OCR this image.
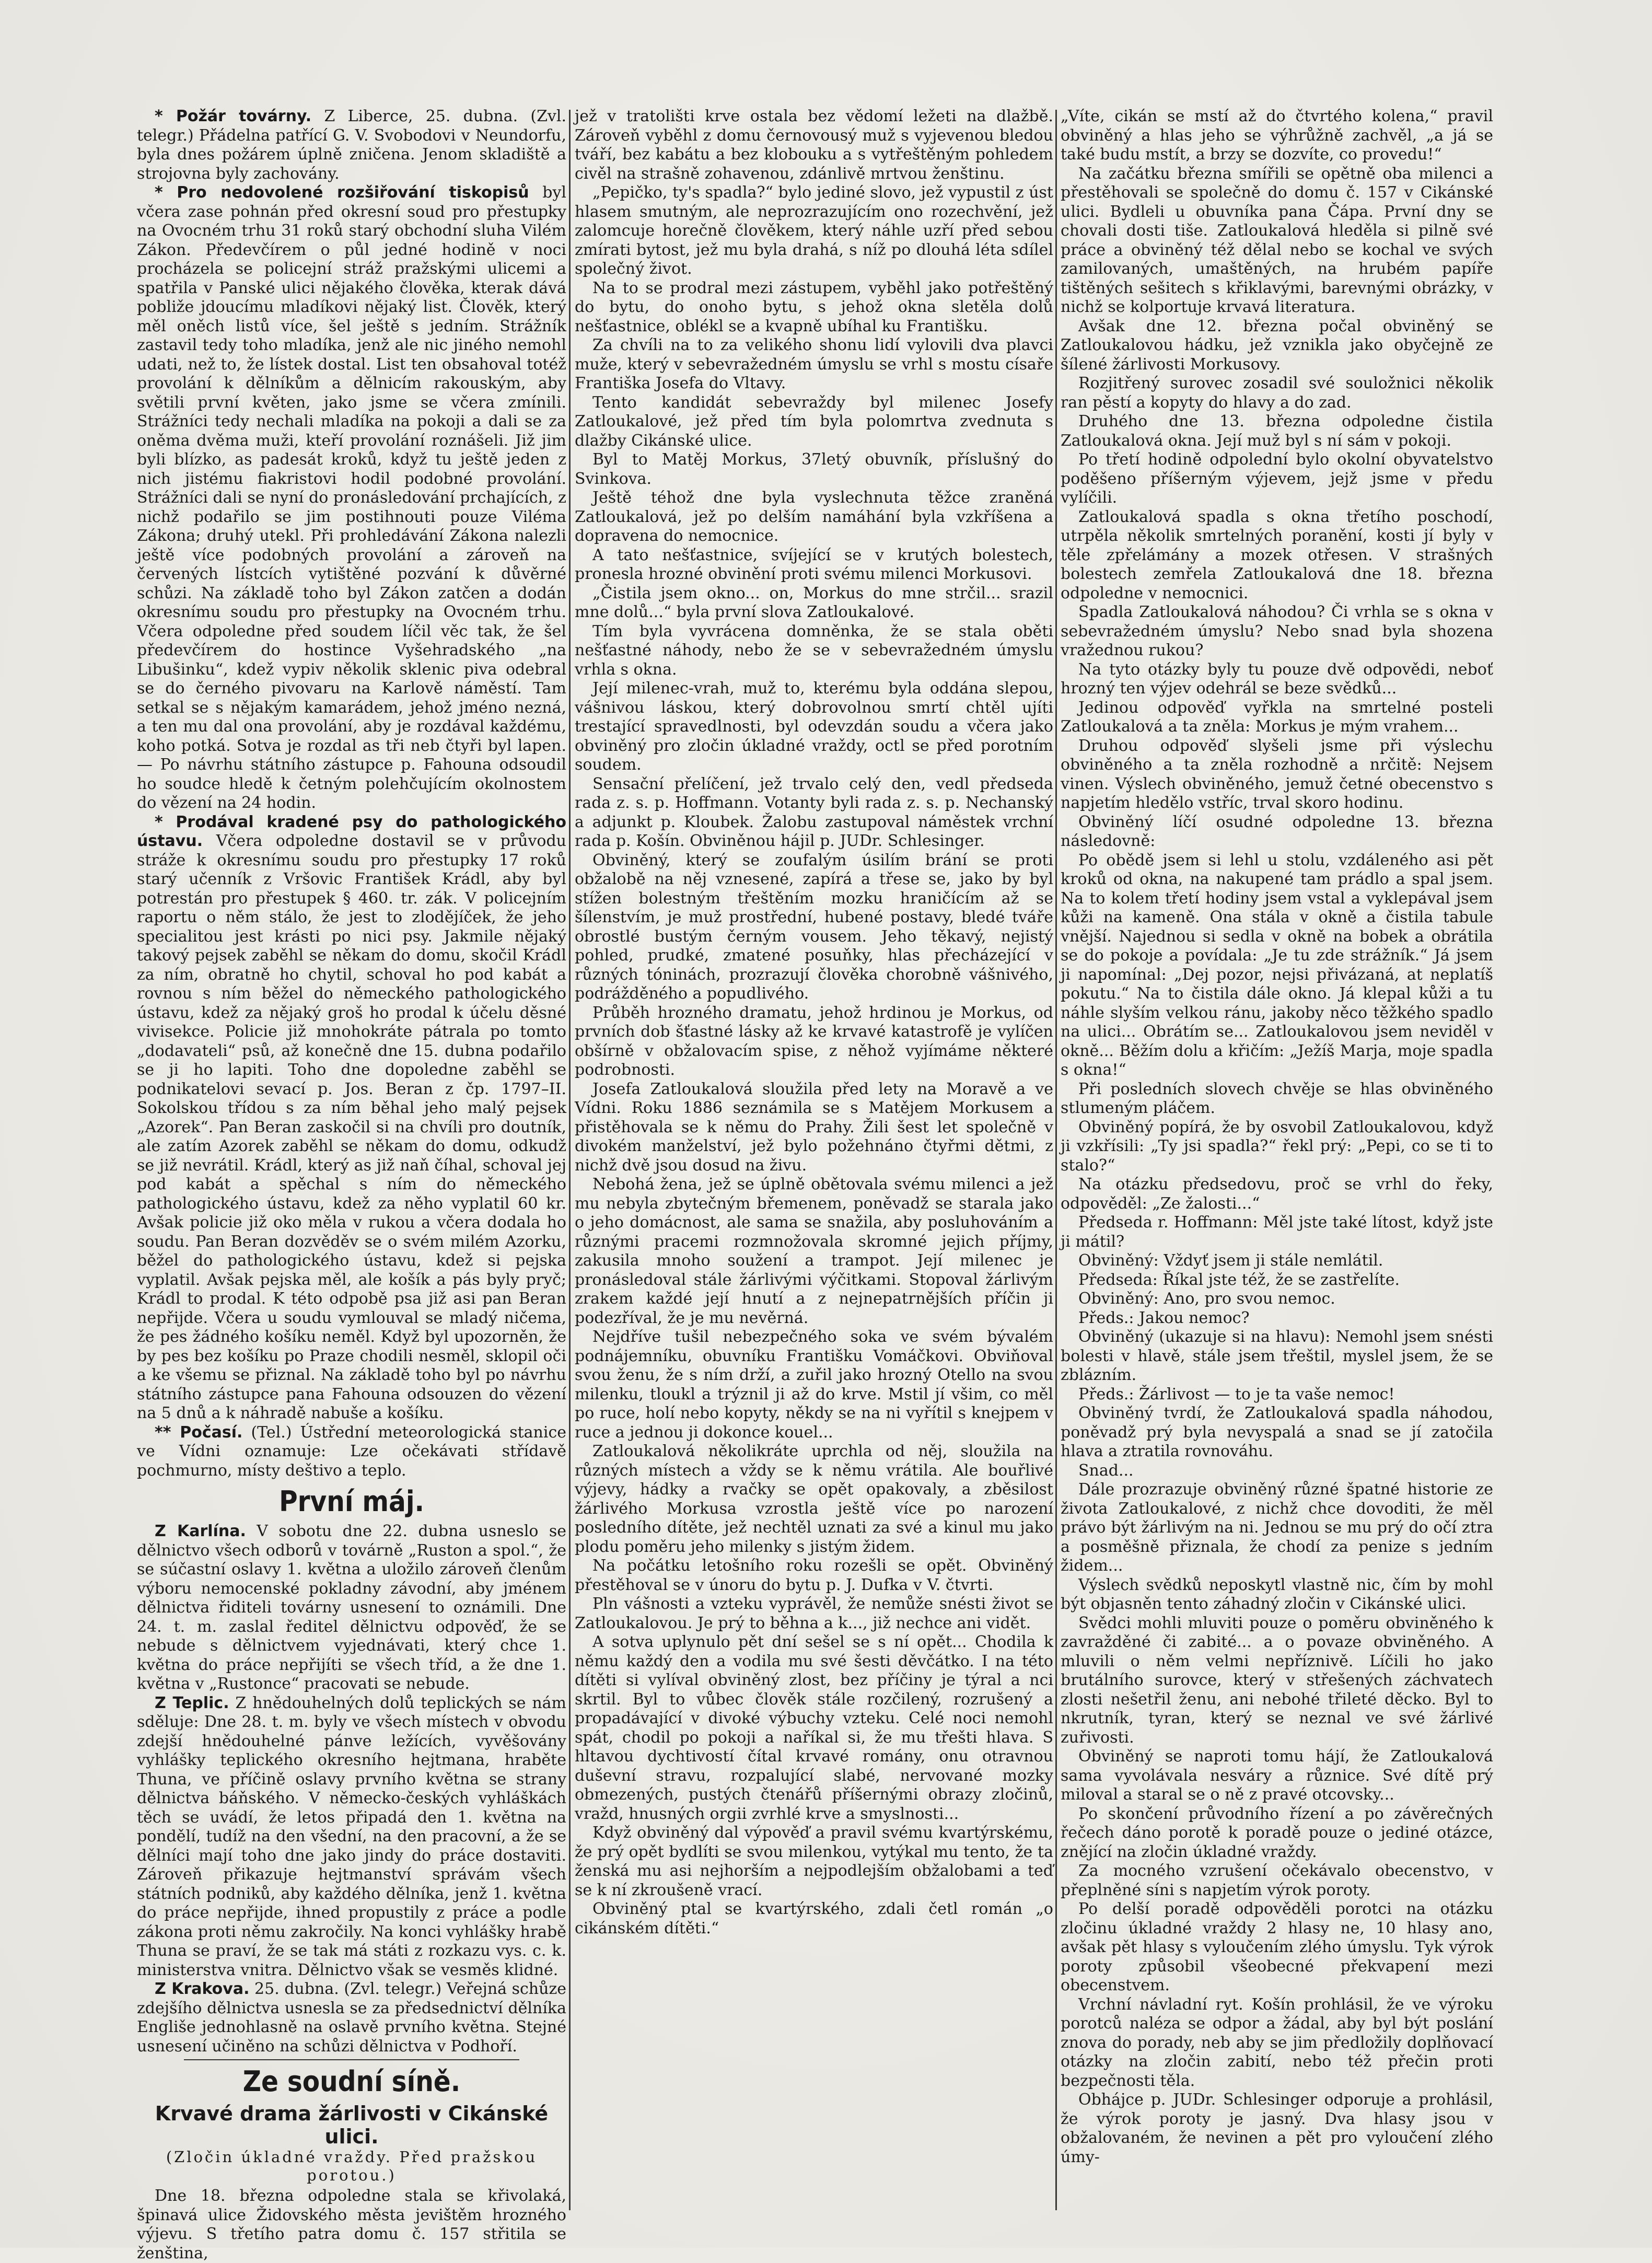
* Požár továrny. Z Liberce, 25. dubna. (Zvl. telegr.) Přádelna patřící G. V. Svobodovi v Neundorfu, byla dnes požárem úplně zničena. Jenom skladiště a strojovna byly zachovány.

* Pro nedovolené rozšiřování tiskopisů byl včera zase pohnán před okresní soud pro přestupky na Ovocném trhu 31 roků starý obchodní sluha Vilém Zákon. Předevčírem o půl jedné hodině v noci procházela se policejní stráž pražskými ulicemi a spatřila v Panské ulici nějakého člověka, kterak dává pobliže jdoucímu mladíkovi nějaký list. Člověk, který měl oněch listů více, šel ještě s jedním. Strážník zastavil tedy toho mladíka, jenž ale nic jiného nemohl udati, než to, že lístek dostal. List ten obsahoval totéž provolání k dělníkům a dělnicím rakouským, aby světili první květen, jako jsme se včera zmínili. Strážníci tedy nechali mladíka na pokoji a dali se za oněma dvěma muži, kteří provolání roznášeli. Již jim byli blízko, as padesát kroků, když tu ještě jeden z nich jistému fiakristovi hodil podobné provolání. Strážníci dali se nyní do pronásledování prchajících, z nichž podařilo se jim postihnouti pouze Viléma Zákona; druhý utekl. Při prohledávání Zákona nalezli ještě více podobných provolání a zároveň na červených lístcích vytištěné pozvání k důvěrné schůzi. Na základě toho byl Zákon zatčen a dodán okresnímu soudu pro přestupky na Ovocném trhu. Včera odpoledne před soudem líčil věc tak, že šel předevčírem do hostince Vyšehradského „na Libušinku“, kdež vypiv několik sklenic piva odebral se do černého pivovaru na Karlově náměstí. Tam setkal se s nějakým kamarádem, jehož jméno nezná, a ten mu dal ona provolání, aby je rozdával každému, koho potká. Sotva je rozdal as tři neb čtyři byl lapen. — Po návrhu státního zástupce p. Fahouna odsoudil ho soudce hledě k četným polehčujícím okolnostem do vězení na 24 hodin.

* Prodával kradené psy do pathologického ústavu. Včera odpoledne dostavil se v průvodu stráže k okresnímu soudu pro přestupky 17 roků starý učenník z Vršovic František Krádl, aby byl potrestán pro přestupek § 460. tr. zák. V policejním raportu o něm stálo, že jest to zlodějíček, že jeho specialitou jest krásti po nici psy. Jakmile nějaký takový pejsek zaběhl se někam do domu, skočil Krádl za ním, obratně ho chytil, schoval ho pod kabát a rovnou s ním běžel do německého pathologického ústavu, kdež za nějaký groš ho prodal k účelu děsné vivisekce. Policie již mnohokráte pátrala po tomto „dodavateli“ psů, až konečně dne 15. dubna podařilo se ji ho lapiti. Toho dne dopoledne zaběhl se podnikatelovi sevací p. Jos. Beran z čp. 1797–II. Sokolskou třídou s za ním běhal jeho malý pejsek „Azorek“. Pan Beran zaskočil si na chvíli pro doutník, ale zatím Azorek zaběhl se někam do domu, odkudž se již nevrátil. Krádl, který as již naň číhal, schoval jej pod kabát a spěchal s ním do německého pathologického ústavu, kdež za něho vyplatil 60 kr. Avšak policie již oko měla v rukou a včera dodala ho soudu. Pan Beran dozvěděv se o svém milém Azorku, běžel do pathologického ústavu, kdež si pejska vyplatil. Avšak pejska měl, ale košík a pás byly pryč; Krádl to prodal. K této odpobě psa již asi pan Beran nepřijde. Včera u soudu vymlouval se mladý ničema, že pes žádného košíku neměl. Když byl upozorněn, že by pes bez košíku po Praze chodili nesměl, sklopil oči a ke všemu se přiznal. Na základě toho byl po návrhu státního zástupce pana Fahouna odsouzen do vězení na 5 dnů a k náhradě nabuše a košíku.

** Počasí. (Tel.) Ústřední meteorologická stanice ve Vídni oznamuje: Lze očekávati střídavě pochmurno, místy deštivo a teplo.

První máj.

Z Karlína. V sobotu dne 22. dubna usneslo se dělnictvo všech odborů v továrně „Ruston a spol.“, že se súčastní oslavy 1. května a uložilo zároveň členům výboru nemocenské pokladny závodní, aby jménem dělnictva řiditeli továrny usnesení to oznámili. Dne 24. t. m. zaslal ředitel dělnictvu odpověď, že se nebude s dělnictvem vyjednávati, který chce 1. května do práce nepřijíti se všech tříd, a že dne 1. května v „Rustonce“ pracovati se nebude.

Z Teplic. Z hnědouhelných dolů teplických se nám sděluje: Dne 28. t. m. byly ve všech místech v obvodu zdejší hnědouhelné pánve ležících, vyvěšovány vyhlášky teplického okresního hejtmana, hraběte Thuna, ve příčině oslavy prvního května se strany dělnictva báňského. V německo-českých vyhláškách těch se uvádí, že letos připadá den 1. května na pondělí, tudíž na den všední, na den pracovní, a že se dělníci mají toho dne jako jindy do práce dostaviti. Zároveň přikazuje hejtmanství správám všech státních podniků, aby každého dělníka, jenž 1. května do práce nepřijde, ihned propustily z práce a podle zákona proti němu zakročily. Na konci vyhlášky hrabě Thuna se praví, že se tak má státi z rozkazu vys. c. k. ministerstva vnitra. Dělnictvo však se vesměs klidné.

Z Krakova. 25. dubna. (Zvl. telegr.) Veřejná schůze zdejšího dělnictva usnesla se za předsednictví dělníka Engliše jednohlasně na oslavě prvního května. Stejné usnesení učiněno na schůzi dělnictva v Podhoří.

Ze soudní síně.
Krvavé drama žárlivosti v Cikánské ulici.

(Zločin úkladné vraždy. Před pražskou porotou.)

Dne 18. března odpoledne stala se křivolaká, špinavá ulice Židovského města jevištěm hrozného výjevu. S třetího patra domu č. 157 střitila se ženština,

jež v tratolišti krve ostala bez vědomí ležeti na dlažbě. Zároveň vyběhl z domu černovousý muž s vyjevenou bledou tváří, bez kabátu a bez klobouku a s vytřeštěným pohledem civěl na strašně zohavenou, zdánlivě mrtvou ženštinu.

„Pepičko, ty's spadla?“ bylo jediné slovo, jež vypustil z úst hlasem smutným, ale neprozrazujícím ono rozechvění, jež zalomcuje horečně člověkem, který náhle uzří před sebou zmírati bytost, jež mu byla drahá, s níž po dlouhá léta sdílel společný život.

Na to se prodral mezi zástupem, vyběhl jako potřeštěný do bytu, do onoho bytu, s jehož okna sletěla dolů nešťastnice, oblékl se a kvapně ubíhal ku Františku.

Za chvíli na to za velikého shonu lidí vylovili dva plavci muže, který v sebevražedném úmyslu se vrhl s mostu císaře Františka Josefa do Vltavy.

Tento kandidát sebevraždy byl milenec Josefy Zatloukalové, jež před tím byla polomrtva zvednuta s dlažby Cikánské ulice.

Byl to Matěj Morkus, 37letý obuvník, příslušný do Svinkova.

Ještě téhož dne byla vyslechnuta těžce zraněná Zatloukalová, jež po delším namáhání byla vzkříšena a dopravena do nemocnice.

A tato nešťastnice, svíjející se v krutých bolestech, pronesla hrozné obvinění proti svému milenci Morkusovi.

„Čistila jsem okno... on, Morkus do mne strčil... srazil mne dolů...“ byla první slova Zatloukalové.

Tím byla vyvrácena domněnka, že se stala oběti nešťastné náhody, nebo že se v sebevražedném úmyslu vrhla s okna.

Její milenec-vrah, muž to, kterému byla oddána slepou, vášnivou láskou, který dobrovolnou smrtí chtěl ujíti trestající spravedlnosti, byl odevzdán soudu a včera jako obviněný pro zločin úkladné vraždy, octl se před porotním soudem.

Sensační přelíčení, jež trvalo celý den, vedl předseda rada z. s. p. Hoffmann. Votanty byli rada z. s. p. Nechanský a adjunkt p. Kloubek. Žalobu zastupoval náměstek vrchní rada p. Košín. Obviněnou hájil p. JUDr. Schlesinger.

Obviněný, který se zoufalým úsilím brání se proti obžalobě na něj vznesené, zapírá a třese se, jako by byl stížen bolestným třeštěním mozku hraničícím až se šílenstvím, je muž prostřední, hubené postavy, bledé tváře obrostlé bustým černým vousem. Jeho těkavý, nejistý pohled, prudké, zmatené posuňky, hlas přecházející v různých tóninách, prozrazují člověka chorobně vášnivého, podrážděného a popudlivého.

Průběh hrozného dramatu, jehož hrdinou je Morkus, od prvních dob šťastné lásky až ke krvavé katastrofě je vylíčen obšírně v obžalovacím spise, z něhož vyjímáme některé podrobnosti.

Josefa Zatloukalová sloužila před lety na Moravě a ve Vídni. Roku 1886 seznámila se s Matějem Morkusem a přistěhovala se k němu do Prahy. Žili šest let společně v divokém manželství, jež bylo požehnáno čtyřmi dětmi, z nichž dvě jsou dosud na živu.

Nebohá žena, jež se úplně obětovala svému milenci a jež mu nebyla zbytečným břemenem, poněvadž se starala jako o jeho domácnost, ale sama se snažila, aby posluhováním a různými pracemi rozmnožovala skromné jejich příjmy, zakusila mnoho soužení a trampot. Její milenec je pronásledoval stále žárlivými výčitkami. Stopoval žárlivým zrakem každé její hnutí a z nejnepatrnějších příčin ji podezříval, že je mu nevěrná.

Nejdříve tušil nebezpečného soka ve svém bývalém podnájemníku, obuvníku Františku Vomáčkovi. Obviňoval svou ženu, že s ním drží, a zuřil jako hrozný Otello na svou milenku, tloukl a trýznil ji až do krve. Mstil jí všim, co měl po ruce, holí nebo kopyty, někdy se na ni vyřítil s knejpem v ruce a jednou ji dokonce kouel...

Zatloukalová několikráte uprchla od něj, sloužila na různých místech a vždy se k němu vrátila. Ale bouřlivé výjevy, hádky a rvačky se opět opakovaly, a zběsilost žárlivého Morkusa vzrostla ještě více po narození posledního dítěte, jež nechtěl uznati za své a kinul mu jako plodu poměru jeho milenky s jistým židem.

Na počátku letošního roku rozešli se opět. Obviněný přestěhoval se v únoru do bytu p. J. Dufka v V. čtvrti.

Pln vášnosti a vzteku vyprávěl, že nemůže snésti život se Zatloukalovou. Je prý to běhna a k..., již nechce ani vidět.

A sotva uplynulo pět dní sešel se s ní opět... Chodila k němu každý den a vodila mu své šesti děvčátko. I na této dítěti si vylíval obviněný zlost, bez příčiny je týral a nci skrtil. Byl to vůbec člověk stále rozčilený, rozrušený a propadávající v divoké výbuchy vzteku. Celé noci nemohl spát, chodil po pokoji a naříkal si, že mu třešti hlava. S hltavou dychtivostí čítal krvavé romány, onu otravnou duševní stravu, rozpalující slabé, nervované mozky obmezených, pustých čtenářů příšernými obrazy zločinů, vražd, hnusných orgii zvrhlé krve a smyslnosti...

Když obviněný dal výpověď a pravil svému kvartýrskému, že prý opět bydlíti se svou milenkou, vytýkal mu tento, že ta ženská mu asi nejhorším a nejpodlejším obžalobami a teď se k ní zkroušeně vrací.

Obviněný ptal se kvartýrského, zdali četl román „o cikánském dítěti.“

„Víte, cikán se mstí až do čtvrtého kolena,“ pravil obviněný a hlas jeho se výhrůžně zachvěl, „a já se také budu mstít, a brzy se dozvíte, co provedu!“

Na začátku března smířili se opětně oba milenci a přestěhovali se společně do domu č. 157 v Cikánské ulici. Bydleli u obuvníka pana Čápa. První dny se chovali dosti tiše. Zatloukalová hleděla si pilně své práce a obviněný též dělal nebo se kochal ve svých zamilovaných, umaštěných, na hrubém papíře tištěných sešitech s křiklavými, barevnými obrázky, v nichž se kolportuje krvavá literatura.

Avšak dne 12. března počal obviněný se Zatloukalovou hádku, jež vznikla jako obyčejně ze šílené žárlivosti Morkusovy.

Rozjitřený surovec zosadil své souložnici několik ran pěstí a kopyty do hlavy a do zad.

Druhého dne 13. března odpoledne čistila Zatloukalová okna. Její muž byl s ní sám v pokoji.

Po třetí hodině odpolední bylo okolní obyvatelstvo poděšeno příšerným výjevem, jejž jsme v předu vylíčili.

Zatloukalová spadla s okna třetího poschodí, utrpěla několik smrtelných poranění, kosti jí byly v těle zpřelámány a mozek otřesen. V strašných bolestech zemřela Zatloukalová dne 18. března odpoledne v nemocnici.

Spadla Zatloukalová náhodou? Či vrhla se s okna v sebevražedném úmyslu? Nebo snad byla shozena vražednou rukou?

Na tyto otázky byly tu pouze dvě odpovědi, neboť hrozný ten výjev odehrál se beze svědků...

Jedinou odpověď vyřkla na smrtelné posteli Zatloukalová a ta zněla: Morkus je mým vrahem...

Druhou odpověď slyšeli jsme při výslechu obviněného a ta zněla rozhodně a nrčitě: Nejsem vinen. Výslech obviněného, jemuž četné obecenstvo s napjetím hledělo vstříc, trval skoro hodinu.

Obviněný líčí osudné odpoledne 13. března následovně:

Po obědě jsem si lehl u stolu, vzdáleného asi pět kroků od okna, na nakupené tam prádlo a spal jsem. Na to kolem třetí hodiny jsem vstal a vyklepával jsem kůži na kameně. Ona stála v okně a čistila tabule vnější. Najednou si sedla v okně na bobek a obrátila se do pokoje a povídala: „Je tu zde strážník.“ Já jsem ji napomínal: „Dej pozor, nejsi přivázaná, at neplatíš pokutu.“ Na to čistila dále okno. Já klepal kůži a tu náhle slyším velkou ránu, jakoby něco těžkého spadlo na ulici... Obrátím se... Zatloukalovou jsem neviděl v okně... Běžím dolu a křičím: „Ježíš Marja, moje spadla s okna!“

Při posledních slovech chvěje se hlas obviněného stlumeným pláčem.

Obviněný popírá, že by osvobil Zatloukalovou, když ji vzkřísili: „Ty jsi spadla?“ řekl prý: „Pepi, co se ti to stalo?“

Na otázku předsedovu, proč se vrhl do řeky, odpověděl: „Ze žalosti...“

Předseda r. Hoffmann: Měl jste také lítost, když jste ji mátil?

Obviněný: Vždyť jsem ji stále nemlátil.

Předseda: Říkal jste též, že se zastřelíte.

Obviněný: Ano, pro svou nemoc.

Předs.: Jakou nemoc?

Obviněný (ukazuje si na hlavu): Nemohl jsem snésti bolesti v hlavě, stále jsem třeštil, myslel jsem, že se zblázním.

Předs.: Žárlivost — to je ta vaše nemoc!

Obviněný tvrdí, že Zatloukalová spadla náhodou, poněvadž prý byla nevyspalá a snad se jí zatočila hlava a ztratila rovnováhu.

Snad...

Dále prozrazuje obviněný různé špatné historie ze života Zatloukalové, z nichž chce dovoditi, že měl právo být žárlivým na ni. Jednou se mu prý do očí ztra a posměšně přiznala, že chodí za penize s jedním židem...

Výslech svědků neposkytl vlastně nic, čím by mohl být objasněn tento záhadný zločin v Cikánské ulici.

Svědci mohli mluviti pouze o poměru obviněného k zavražděné či zabité... a o povaze obviněného. A mluvili o něm velmi nepříznivě. Líčili ho jako brutálního surovce, který v střešených záchvatech zlosti nešetřil ženu, ani nebohé třileté děcko. Byl to nkrutník, tyran, který se neznal ve své žárlivé zuřivosti.

Obviněný se naproti tomu hájí, že Zatloukalová sama vyvolávala nesváry a různice. Své dítě prý miloval a staral se o ně z pravé otcovsky...

Po skončení průvodního řízení a po závěrečných řečech dáno porotě k poradě pouze o jediné otázce, znějící na zločin úkladné vraždy.

Za mocného vzrušení očekávalo obecenstvo, v přeplněné síni s napjetím výrok poroty.

Po delší poradě odpověděli porotci na otázku zločinu úkladné vraždy 2 hlasy ne, 10 hlasy ano, avšak pět hlasy s vyloučením zlého úmyslu. Tyk výrok poroty způsobil všeobecné překvapení mezi obecenstvem.

Vrchní návladní ryt. Košín prohlásil, že ve výroku porotců naléza se odpor a žádal, aby byl být poslání znova do porady, neb aby se jim předložily doplňovací otázky na zločin zabití, nebo též přečin proti bezpečnosti těla.

Obhájce p. JUDr. Schlesinger odporuje a prohlásil, že výrok poroty je jasný. Dva hlasy jsou v obžalovaném, že nevinen a pět pro vyloučení zlého úmy-
